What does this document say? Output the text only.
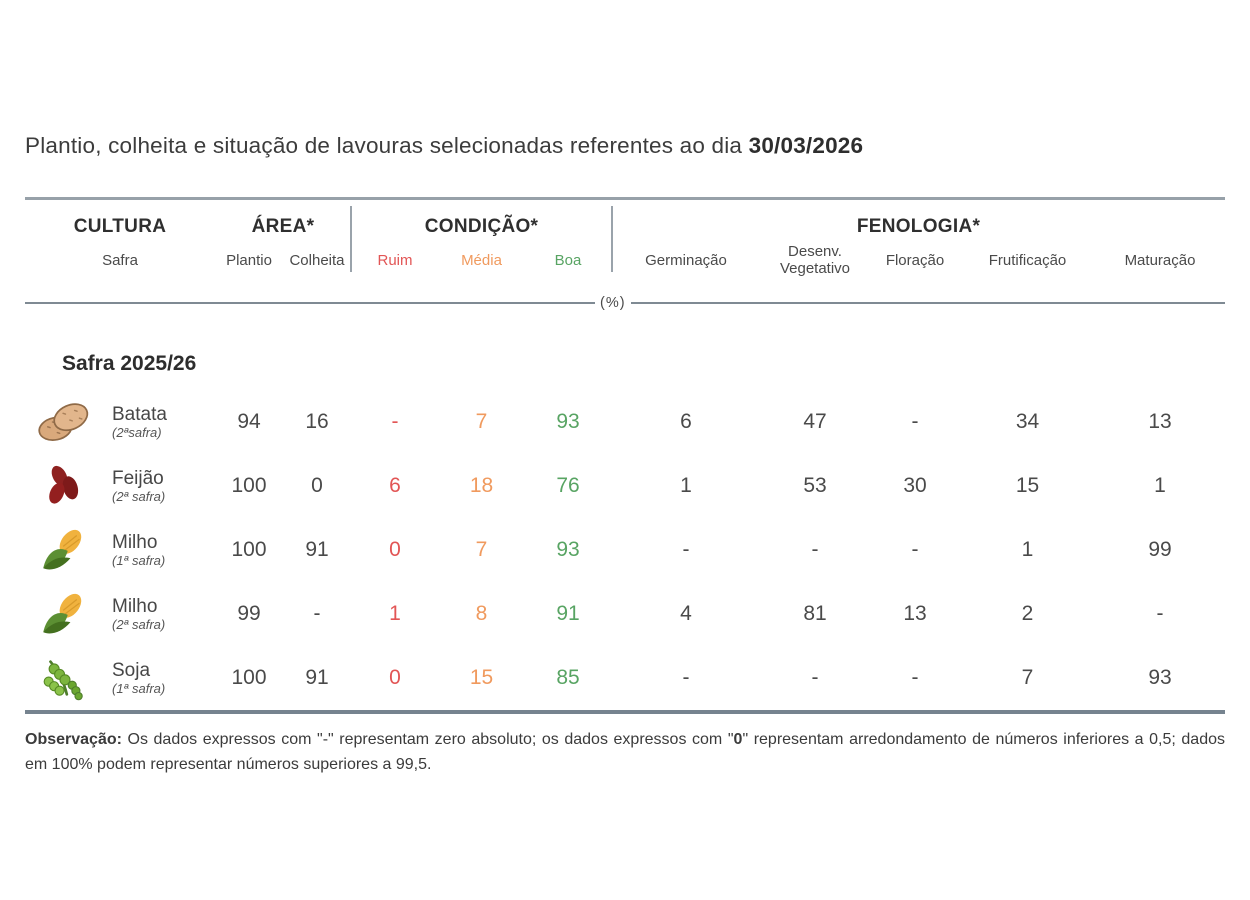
Plantio, colheita e situação de lavouras selecionadas referentes ao dia 30/03/2026
CULTURA	ÁREA*	CONDIÇÃO*	FENOLOGIA*
Safra	Plantio	Colheita	Ruim	Média	Boa	Germinação	Desenv.
Vegetativo	Floração	Frutificação	Maturação
(%)
Safra 2025/26
Batata
(2ªsafra)	94	16	-	7	93	6	47	-	34	13
Feijão
(2ª safra)	100	0	6	18	76	1	53	30	15	1
Milho
(1ª safra)	100	91	0	7	93	-	-	-	1	99
Milho
(2ª safra)	99	-	1	8	91	4	81	13	2	-
Soja
(1ª safra)	100	91	0	15	85	-	-	-	7	93
Observação: Os dados expressos com "-" representam zero absoluto; os dados expressos com "0" representam arredondamento de números inferiores a 0,5; dados em 100% podem representar números superiores a 99,5.
